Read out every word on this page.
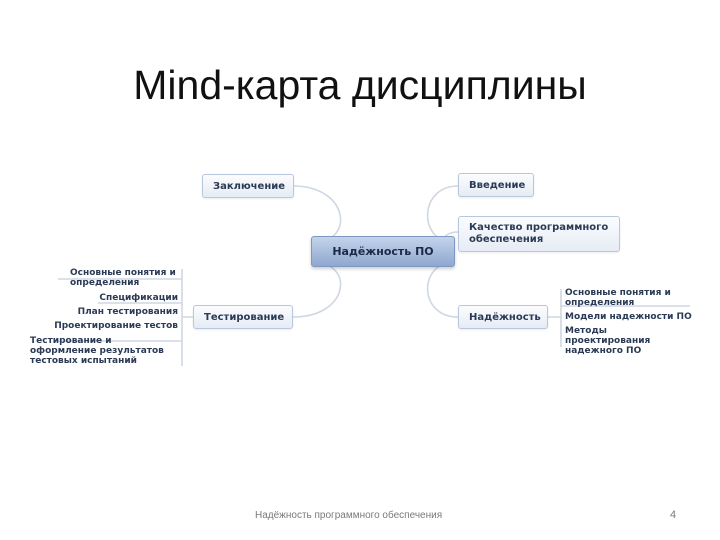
Mind-карта дисциплины
Надёжность ПО
Заключение	Введение
Качество программного обеспечения
Тестирование	Надёжность
Основные понятия и определения
Спецификации
План тестирования
Проектирование тестов
Тестирование и оформление результатов тестовых испытаний
Основные понятия и определения
Модели надежности ПО
Методы проектирования надежного ПО
Надёжность программного обеспечения	4
